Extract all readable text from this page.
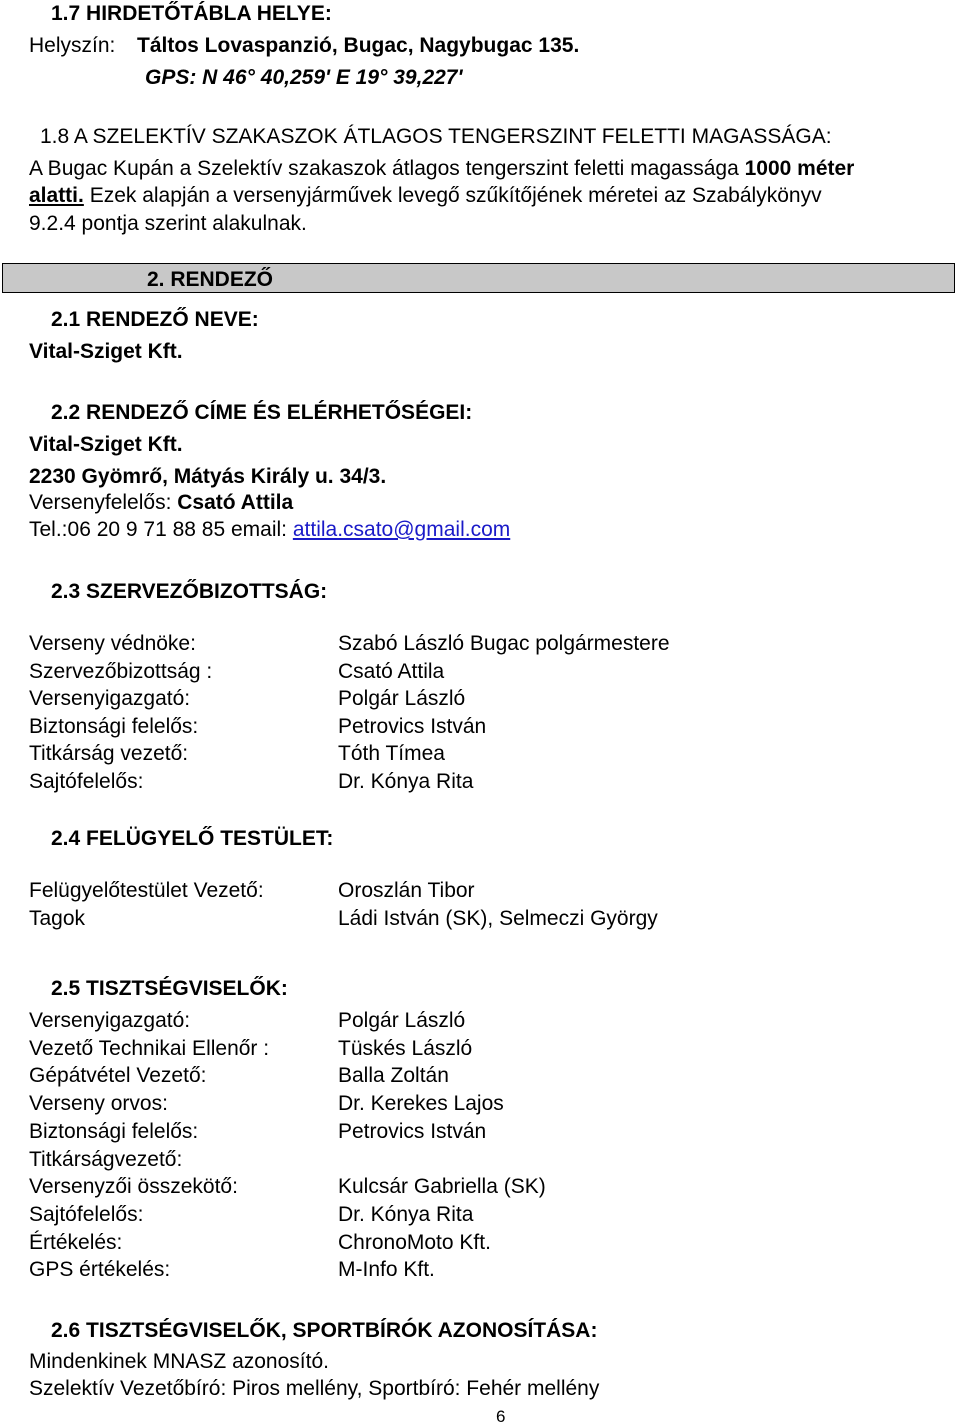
1.7 HIRDETŐTÁBLA HELYE:
Helyszín: Táltos Lovaspanzió, Bugac, Nagybugac 135.
GPS: N 46° 40,259' E 19° 39,227'
1.8 A SZELEKTÍV SZAKASZOK ÁTLAGOS TENGERSZINT FELETTI MAGASSÁGA:
A Bugac Kupán a Szelektív szakaszok átlagos tengerszint feletti magassága 1000 méter
alatti. Ezek alapján a versenyjárművek levegő szűkítőjének méretei az Szabálykönyv
9.2.4 pontja szerint alakulnak.
2. RENDEZŐ
2.1 RENDEZŐ NEVE:
Vital-Sziget Kft.
2.2 RENDEZŐ CÍME ÉS ELÉRHETŐSÉGEI:
Vital-Sziget Kft.
2230 Gyömrő, Mátyás Király u. 34/3.
Versenyfelelős: Csató Attila
Tel.:06 20 9 71 88 85 email: attila.csato@gmail.com
2.3 SZERVEZŐBIZOTTSÁG:
Verseny védnöke:	Szabó László Bugac polgármestere
Szervezőbizottság :	Csató Attila
Versenyigazgató:	Polgár László
Biztonsági felelős:	Petrovics István
Titkárság vezető:	Tóth Tímea
Sajtófelelős:	Dr. Kónya Rita
2.4 FELÜGYELŐ TESTÜLET:
Felügyelőtestület Vezető:	Oroszlán Tibor
Tagok	Ládi István (SK), Selmeczi György
2.5 TISZTSÉGVISELŐK:
Versenyigazgató:	Polgár László
Vezető Technikai Ellenőr :	Tüskés László
Gépátvétel Vezető:	Balla Zoltán
Verseny orvos:	Dr. Kerekes Lajos
Biztonsági felelős:	Petrovics István
Titkárságvezető:
Versenyzői összekötő:	Kulcsár Gabriella (SK)
Sajtófelelős:	Dr. Kónya Rita
Értékelés:	ChronoMoto Kft.
GPS értékelés:	M-Info Kft.
2.6 TISZTSÉGVISELŐK, SPORTBÍRÓK AZONOSÍTÁSA:
Mindenkinek MNASZ azonosító.
Szelektív Vezetőbíró: Piros mellény, Sportbíró: Fehér mellény
6
